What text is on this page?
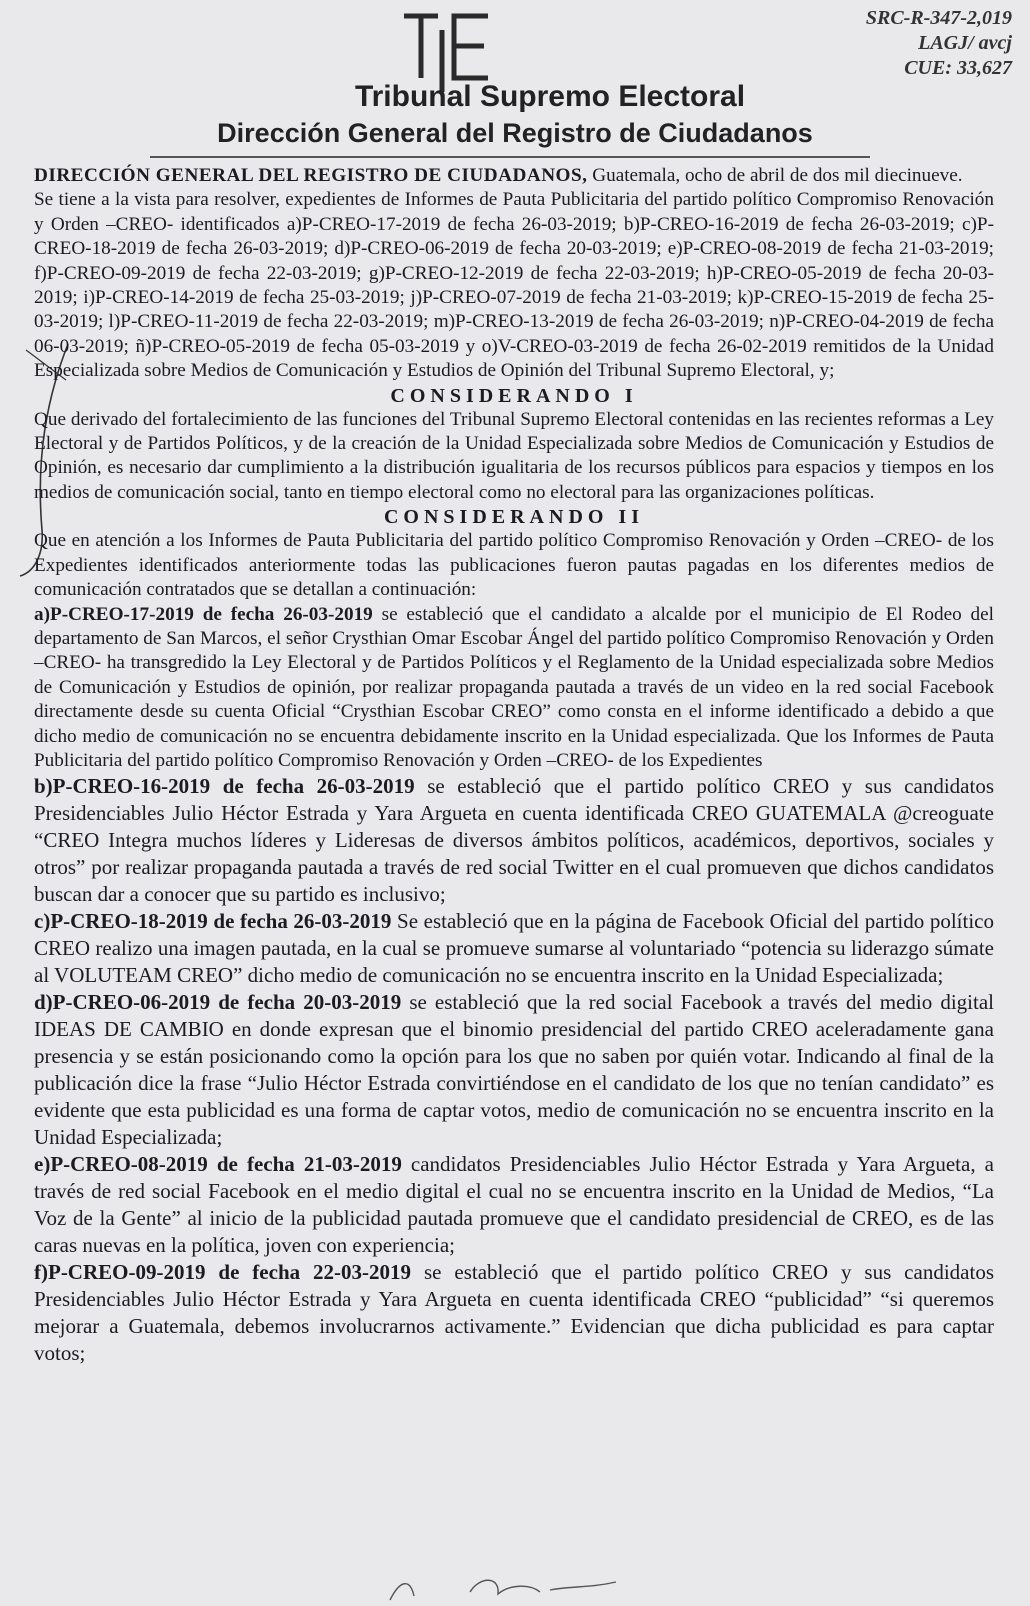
SRC-R-347-2,019
LAGJ/ avcj
CUE: 33,627
Tribunal Supremo Electoral
Dirección General del Registro de Ciudadanos

DIRECCIÓN GENERAL DEL REGISTRO DE CIUDADANOS, Guatemala, ocho de abril de dos mil diecinueve.

Se tiene a la vista para resolver, expedientes de Informes de Pauta Publicitaria del partido político Compromiso Renovación y Orden –CREO- identificados a)P-CREO-17-2019 de fecha 26-03-2019; b)P-CREO-16-2019 de fecha 26-03-2019; c)P-CREO-18-2019 de fecha 26-03-2019; d)P-CREO-06-2019 de fecha 20-03-2019; e)P-CREO-08-2019 de fecha 21-03-2019; f)P-CREO-09-2019 de fecha 22-03-2019; g)P-CREO-12-2019 de fecha 22-03-2019; h)P-CREO-05-2019 de fecha 20-03-2019; i)P-CREO-14-2019 de fecha 25-03-2019; j)P-CREO-07-2019 de fecha 21-03-2019; k)P-CREO-15-2019 de fecha 25-03-2019; l)P-CREO-11-2019 de fecha 22-03-2019; m)P-CREO-13-2019 de fecha 26-03-2019; n)P-CREO-04-2019 de fecha 06-03-2019; ñ)P-CREO-05-2019 de fecha 05-03-2019 y o)V-CREO-03-2019 de fecha 26-02-2019 remitidos de la Unidad Especializada sobre Medios de Comunicación y Estudios de Opinión del Tribunal Supremo Electoral, y;

CONSIDERANDO I

Que derivado del fortalecimiento de las funciones del Tribunal Supremo Electoral contenidas en las recientes reformas a Ley Electoral y de Partidos Políticos, y de la creación de la Unidad Especializada sobre Medios de Comunicación y Estudios de Opinión, es necesario dar cumplimiento a la distribución igualitaria de los recursos públicos para espacios y tiempos en los medios de comunicación social, tanto en tiempo electoral como no electoral para las organizaciones políticas.

CONSIDERANDO II

Que en atención a los Informes de Pauta Publicitaria del partido político Compromiso Renovación y Orden –CREO- de los Expedientes identificados anteriormente todas las publicaciones fueron pautas pagadas en los diferentes medios de comunicación contratados que se detallan a continuación:

a)P-CREO-17-2019 de fecha 26-03-2019 se estableció que el candidato a alcalde por el municipio de El Rodeo del departamento de San Marcos, el señor Crysthian Omar Escobar Ángel del partido político Compromiso Renovación y Orden –CREO- ha transgredido la Ley Electoral y de Partidos Políticos y el Reglamento de la Unidad especializada sobre Medios de Comunicación y Estudios de opinión, por realizar propaganda pautada a través de un video en la red social Facebook directamente desde su cuenta Oficial “Crysthian Escobar CREO” como consta en el informe identificado a debido a que dicho medio de comunicación no se encuentra debidamente inscrito en la Unidad especializada. Que los Informes de Pauta Publicitaria del partido político Compromiso Renovación y Orden –CREO- de los Expedientes

b)P-CREO-16-2019 de fecha 26-03-2019 se estableció que el partido político CREO y sus candidatos Presidenciables Julio Héctor Estrada y Yara Argueta en cuenta identificada CREO GUATEMALA @creoguate “CREO Integra muchos líderes y Lideresas de diversos ámbitos políticos, académicos, deportivos, sociales y otros” por realizar propaganda pautada a través de red social Twitter en el cual promueven que dichos candidatos buscan dar a conocer que su partido es inclusivo;

c)P-CREO-18-2019 de fecha 26-03-2019 Se estableció que en la página de Facebook Oficial del partido político CREO realizo una imagen pautada, en la cual se promueve sumarse al voluntariado “potencia su liderazgo súmate al VOLUTEAM CREO” dicho medio de comunicación no se encuentra inscrito en la Unidad Especializada;

d)P-CREO-06-2019 de fecha 20-03-2019 se estableció que la red social Facebook a través del medio digital IDEAS DE CAMBIO en donde expresan que el binomio presidencial del partido CREO aceleradamente gana presencia y se están posicionando como la opción para los que no saben por quién votar. Indicando al final de la publicación dice la frase “Julio Héctor Estrada convirtiéndose en el candidato de los que no tenían candidato” es evidente que esta publicidad es una forma de captar votos, medio de comunicación no se encuentra inscrito en la Unidad Especializada;

e)P-CREO-08-2019 de fecha 21-03-2019 candidatos Presidenciables Julio Héctor Estrada y Yara Argueta, a través de red social Facebook en el medio digital el cual no se encuentra inscrito en la Unidad de Medios, “La Voz de la Gente” al inicio de la publicidad pautada promueve que el candidato presidencial de CREO, es de las caras nuevas en la política, joven con experiencia;

f)P-CREO-09-2019 de fecha 22-03-2019 se estableció que el partido político CREO y sus candidatos Presidenciables Julio Héctor Estrada y Yara Argueta en cuenta identificada CREO “publicidad” “si queremos mejorar a Guatemala, debemos involucrarnos activamente.” Evidencian que dicha publicidad es para captar votos;
